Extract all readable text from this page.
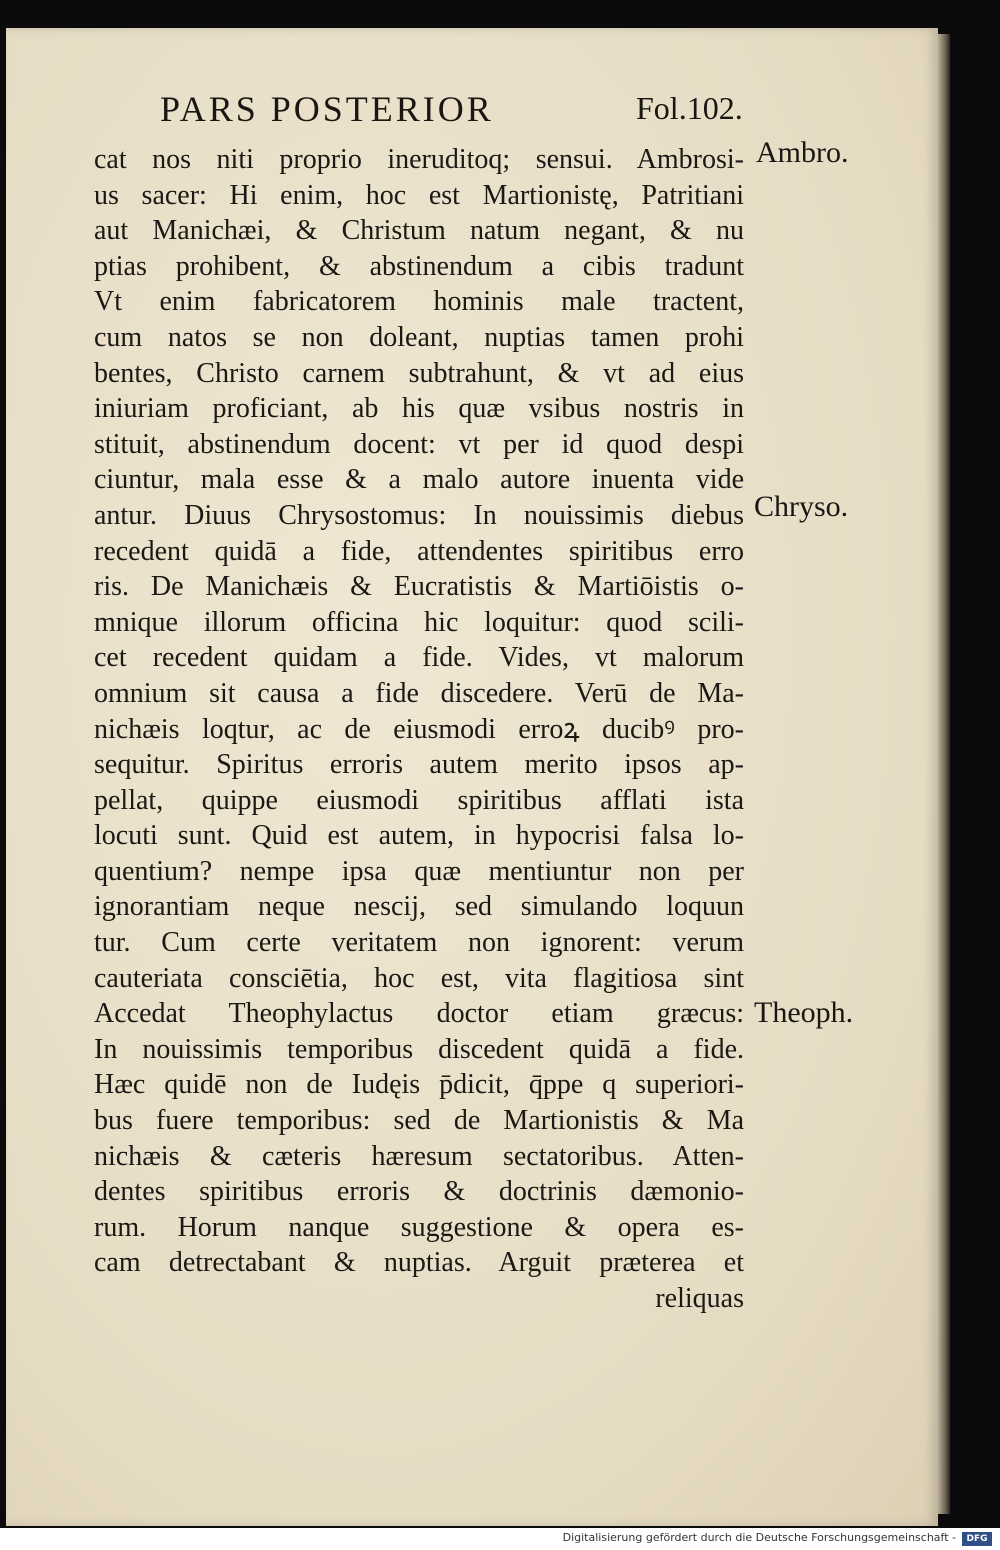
PARS POSTERIOR	Fol.102.
cat nos niti proprio ineruditoq; sensui. Ambrosi-
us sacer: Hi enim, hoc est Martionistę, Patritiani
aut Manichæi, & Christum natum negant, & nu
ptias prohibent, & abstinendum a cibis tradunt
Vt enim fabricatorem hominis male tractent,
cum natos se non doleant, nuptias tamen prohi
bentes, Christo carnem subtrahunt, & vt ad eius
iniuriam proficiant, ab his quæ vsibus nostris in
stituit, abstinendum docent: vt per id quod despi
ciuntur, mala esse & a malo autore inuenta vide
antur. Diuus Chrysostomus: In nouissimis diebus
recedent quidā a fide, attendentes spiritibus erro
ris. De Manichæis & Eucratistis & Martiōistis o-
mnique illorum officina hic loquitur: quod scili-
cet recedent quidam a fide. Vides, vt malorum
omnium sit causa a fide discedere. Verū de Ma-
nichæis loqtur, ac de eiusmodi erroꝝ ducibꝰ pro-
sequitur. Spiritus erroris autem merito ipsos ap-
pellat, quippe eiusmodi spiritibus afflati ista
locuti sunt. Quid est autem, in hypocrisi falsa lo-
quentium? nempe ipsa quæ mentiuntur non per
ignorantiam neque nescij, sed simulando loquun
tur. Cum certe veritatem non ignorent: verum
cauteriata consciētia, hoc est, vita flagitiosa sint
Accedat Theophylactus doctor etiam græcus:
In nouissimis temporibus discedent quidā a fide.
Hæc quidē non de Iudęis p̄dicit, q̄ppe q superiori-
bus fuere temporibus: sed de Martionistis & Ma
nichæis & cæteris hæresum sectatoribus. Atten-
dentes spiritibus erroris & doctrinis dæmonio-
rum. Horum nanque suggestione & opera es-
cam detrectabant & nuptias. Arguit præterea et
reliquas
Ambro.
Chryso.
Theoph.
Digitalisierung gefördert durch die Deutsche Forschungsgemeinschaft -	DFG
